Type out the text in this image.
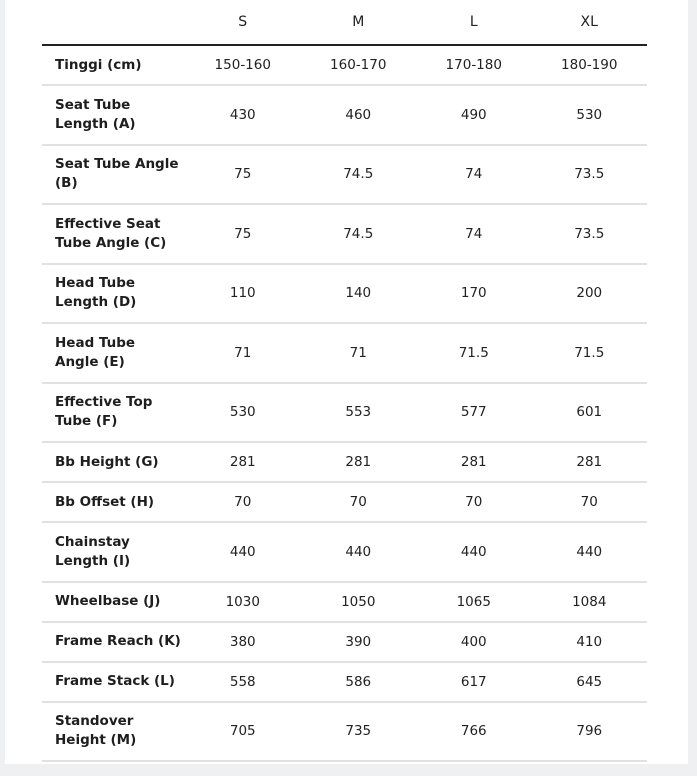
	S	M	L	XL
Tinggi (cm)	150-160	160-170	170-180	180-190
Seat Tube Length (A)	430	460	490	530
Seat Tube Angle (B)	75	74.5	74	73.5
Effective Seat Tube Angle (C)	75	74.5	74	73.5
Head Tube Length (D)	110	140	170	200
Head Tube Angle (E)	71	71	71.5	71.5
Effective Top Tube (F)	530	553	577	601
Bb Height (G)	281	281	281	281
Bb Offset (H)	70	70	70	70
Chainstay Length (I)	440	440	440	440
Wheelbase (J)	1030	1050	1065	1084
Frame Reach (K)	380	390	400	410
Frame Stack (L)	558	586	617	645
Standover Height (M)	705	735	766	796
